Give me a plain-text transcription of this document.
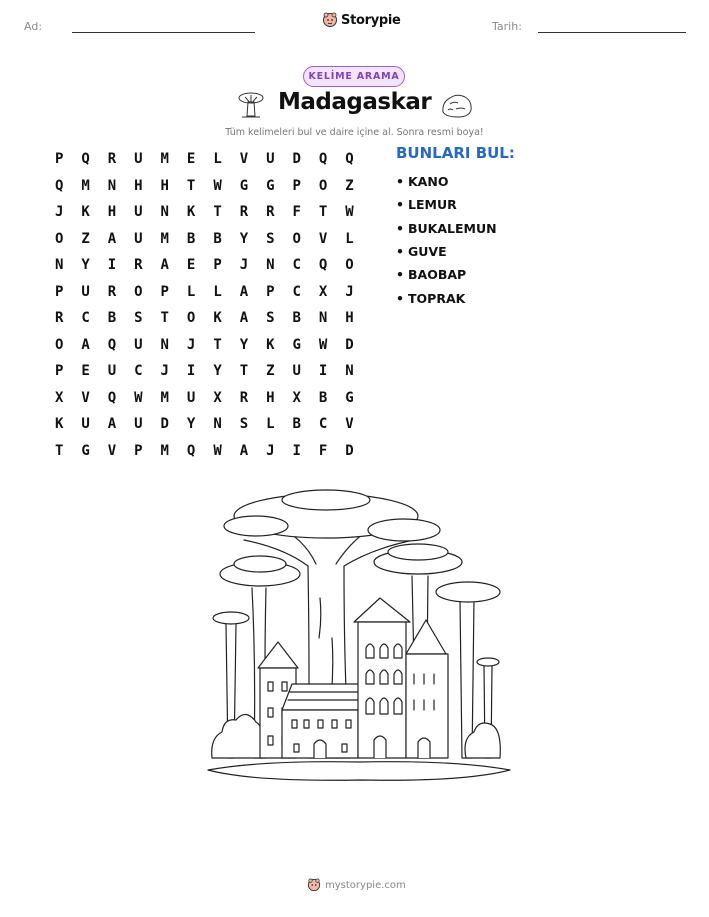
Ad:	Storypie	Tarih:
KELİME ARAMA
Madagaskar
Tüm kelimeleri bul ve daire içine al. Sonra resmi boya!
P	Q	R	U	M	E	L	V	U	D	Q	Q
Q	M	N	H	H	T	W	G	G	P	O	Z
J	K	H	U	N	K	T	R	R	F	T	W
O	Z	A	U	M	B	B	Y	S	O	V	L
N	Y	I	R	A	E	P	J	N	C	Q	O
P	U	R	O	P	L	L	A	P	C	X	J
R	C	B	S	T	O	K	A	S	B	N	H
O	A	Q	U	N	J	T	Y	K	G	W	D
P	E	U	C	J	I	Y	T	Z	U	I	N
X	V	Q	W	M	U	X	R	H	X	B	G
K	U	A	U	D	Y	N	S	L	B	C	V
T	G	V	P	M	Q	W	A	J	I	F	D
BUNLARI BUL:
• KANO
• LEMUR
• BUKALEMUN
• GUVE
• BAOBAP
• TOPRAK
mystorypie.com
